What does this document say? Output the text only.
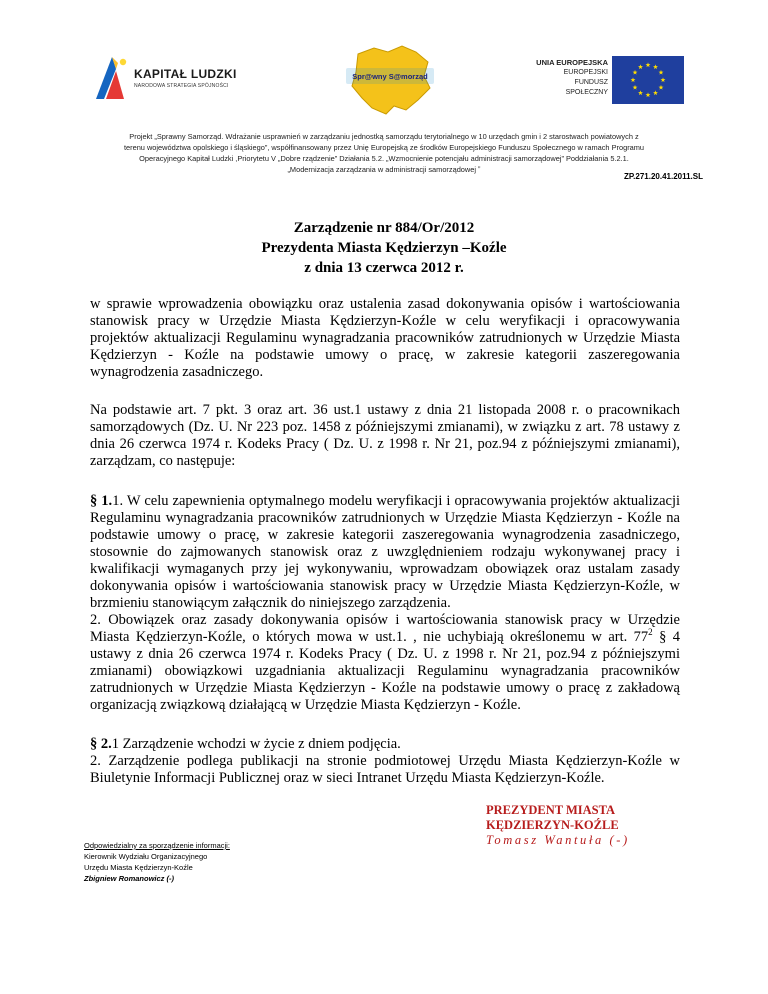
KAPITAŁ LUDZKI
NARODOWA STRATEGIA SPÓJNOŚCI
Spr@wny S@morząd
UNIA EUROPEJSKA
EUROPEJSKI
FUNDUSZ SPOŁECZNY
Projekt „Sprawny Samorząd. Wdrażanie usprawnień w zarządzaniu jednostką samorządu terytorialnego w 10 urzędach gmin i 2 starostwach powiatowych z
terenu województwa opolskiego i śląskiego”, współfinansowany przez Unię Europejską ze środków Europejskiego Funduszu Społecznego w ramach Programu
Operacyjnego Kapitał Ludzki ,Priorytetu V „Dobre rządzenie” Działania 5.2. „Wzmocnienie potencjału administracji samorządowej” Poddziałania 5.2.1.
„Modernizacja zarządzania w administracji samorządowej ˮ
ZP.271.20.41.2011.SL
Zarządzenie nr 884/Or/2012
Prezydenta Miasta Kędzierzyn –Koźle
z dnia 13 czerwca 2012 r.
w sprawie wprowadzenia obowiązku oraz ustalenia zasad dokonywania opisów i wartościowania stanowisk pracy w Urzędzie Miasta Kędzierzyn-Koźle w celu weryfikacji i opracowywania projektów aktualizacji Regulaminu wynagradzania pracowników zatrudnionych w Urzędzie Miasta Kędzierzyn - Koźle na podstawie umowy o pracę, w zakresie kategorii zaszeregowania wynagrodzenia zasadniczego.
Na podstawie art. 7 pkt. 3 oraz art. 36 ust.1 ustawy z dnia 21 listopada 2008 r. o pracownikach samorządowych (Dz. U. Nr 223 poz. 1458 z późniejszymi zmianami), w związku z art. 78 ustawy z dnia 26 czerwca 1974 r. Kodeks Pracy ( Dz. U. z 1998 r. Nr 21, poz.94 z późniejszymi zmianami), zarządzam, co następuje:

§ 1.1. W celu zapewnienia optymalnego modelu weryfikacji i opracowywania projektów aktualizacji Regulaminu wynagradzania pracowników zatrudnionych w Urzędzie Miasta Kędzierzyn - Koźle na podstawie umowy o pracę, w zakresie kategorii zaszeregowania wynagrodzenia zasadniczego, stosownie do zajmowanych stanowisk oraz z uwzględnieniem rodzaju wykonywanej pracy i kwalifikacji wymaganych przy jej wykonywaniu, wprowadzam obowiązek oraz ustalam zasady dokonywania opisów i wartościowania stanowisk pracy w Urzędzie Miasta Kędzierzyn-Koźle, w brzmieniu stanowiącym załącznik do niniejszego zarządzenia.

2. Obowiązek oraz zasady dokonywania opisów i wartościowania stanowisk pracy w Urzędzie Miasta Kędzierzyn-Koźle, o których mowa w ust.1. , nie uchybiają określonemu w art. $77^2$ § 4 ustawy z dnia 26 czerwca 1974 r. Kodeks Pracy ( Dz. U. z 1998 r. Nr 21, poz.94 z późniejszymi zmianami) obowiązkowi uzgadniania aktualizacji Regulaminu wynagradzania pracowników zatrudnionych w Urzędzie Miasta Kędzierzyn - Koźle na podstawie umowy o pracę z zakładową organizacją związkową działającą w Urzędzie Miasta Kędzierzyn - Koźle.

§ 2.1 Zarządzenie wchodzi w życie z dniem podjęcia.

2. Zarządzenie podlega publikacji na stronie podmiotowej Urzędu Miasta Kędzierzyn-Koźle w Biuletynie Informacji Publicznej oraz w sieci Intranet Urzędu Miasta Kędzierzyn-Koźle.

PREZYDENT MIASTA
KĘDZIERZYN-KOŹLE
Tomasz Wantuła (-)
Odpowiedzialny za sporządzenie informacji:
Kierownik Wydziału Organizacyjnego
Urzędu Miasta Kędzierzyn-Koźle
Zbigniew Romanowicz (-)
